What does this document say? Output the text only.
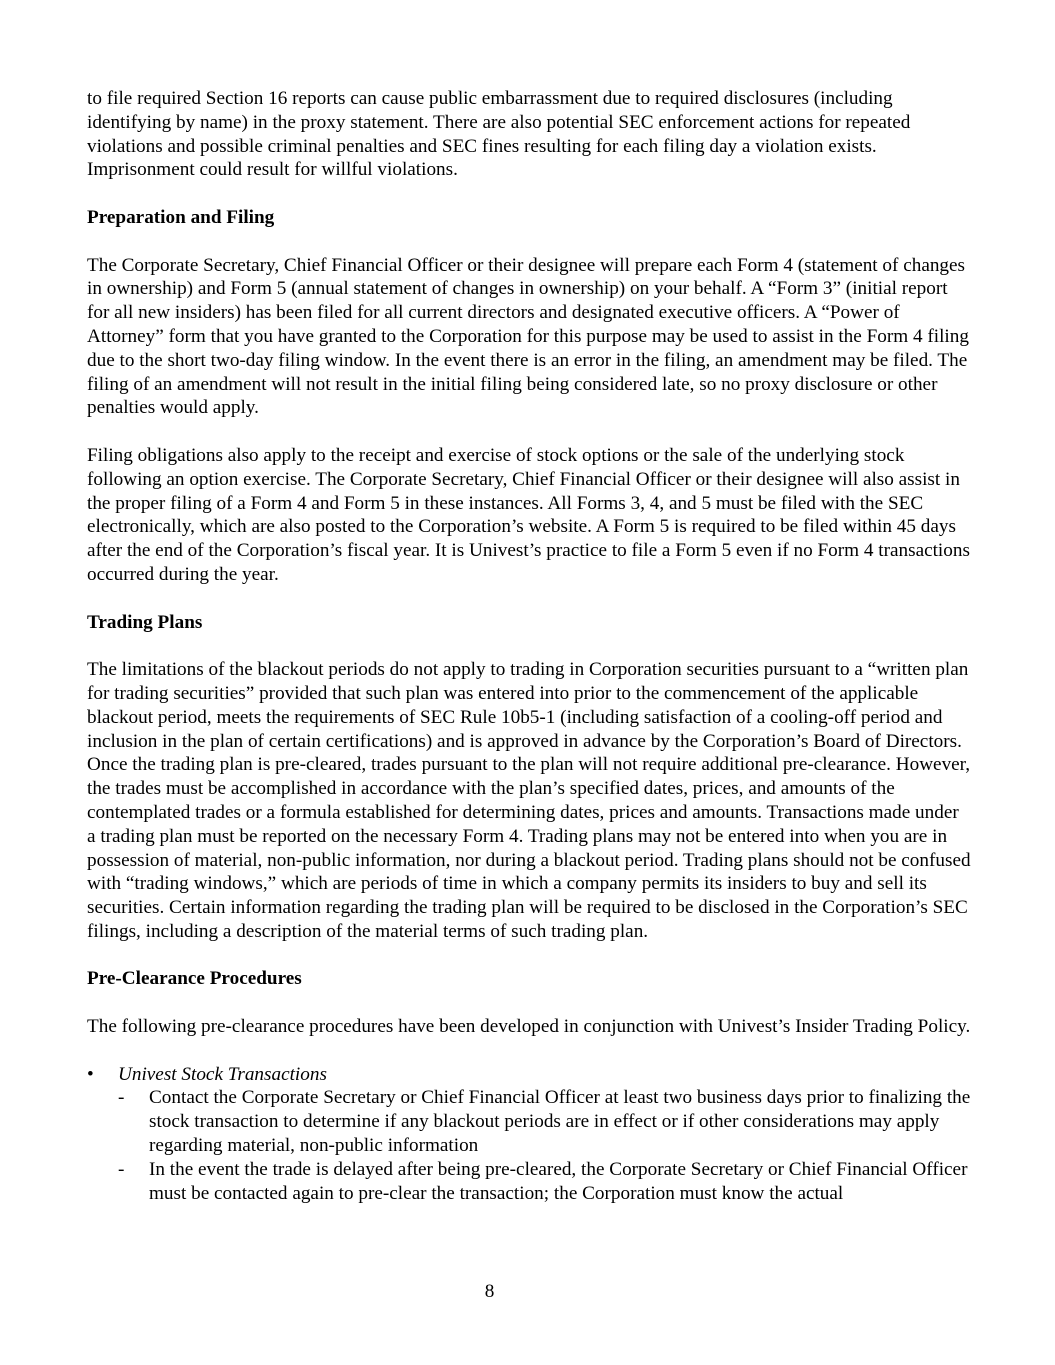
to file required Section 16 reports can cause public embarrassment due to required disclosures (including identifying by name) in the proxy statement. There are also potential SEC enforcement actions for repeated violations and possible criminal penalties and SEC fines resulting for each filing day a violation exists. Imprisonment could result for willful violations.

Preparation and Filing

The Corporate Secretary, Chief Financial Officer or their designee will prepare each Form 4 (statement of changes in ownership) and Form 5 (annual statement of changes in ownership) on your behalf. A “Form 3” (initial report for all new insiders) has been filed for all current directors and designated executive officers. A “Power of Attorney” form that you have granted to the Corporation for this purpose may be used to assist in the Form 4 filing due to the short two-day filing window. In the event there is an error in the filing, an amendment may be filed. The filing of an amendment will not result in the initial filing being considered late, so no proxy disclosure or other penalties would apply.

Filing obligations also apply to the receipt and exercise of stock options or the sale of the underlying stock following an option exercise. The Corporate Secretary, Chief Financial Officer or their designee will also assist in the proper filing of a Form 4 and Form 5 in these instances. All Forms 3, 4, and 5 must be filed with the SEC electronically, which are also posted to the Corporation’s website. A Form 5 is required to be filed within 45 days after the end of the Corporation’s fiscal year. It is Univest’s practice to file a Form 5 even if no Form 4 transactions occurred during the year.

Trading Plans

The limitations of the blackout periods do not apply to trading in Corporation securities pursuant to a “written plan for trading securities” provided that such plan was entered into prior to the commencement of the applicable blackout period, meets the requirements of SEC Rule 10b5-1 (including satisfaction of a cooling-off period and inclusion in the plan of certain certifications) and is approved in advance by the Corporation’s Board of Directors. Once the trading plan is pre-cleared, trades pursuant to the plan will not require additional pre-clearance. However, the trades must be accomplished in accordance with the plan’s specified dates, prices, and amounts of the contemplated trades or a formula established for determining dates, prices and amounts. Transactions made under a trading plan must be reported on the necessary Form 4. Trading plans may not be entered into when you are in possession of material, non-public information, nor during a blackout period. Trading plans should not be confused with “trading windows,” which are periods of time in which a company permits its insiders to buy and sell its securities. Certain information regarding the trading plan will be required to be disclosed in the Corporation’s SEC filings, including a description of the material terms of such trading plan.

Pre-Clearance Procedures

The following pre-clearance procedures have been developed in conjunction with Univest’s Insider Trading Policy.

• Univest Stock Transactions
- Contact the Corporate Secretary or Chief Financial Officer at least two business days prior to finalizing the stock transaction to determine if any blackout periods are in effect or if other considerations may apply regarding material, non-public information
- In the event the trade is delayed after being pre-cleared, the Corporate Secretary or Chief Financial Officer must be contacted again to pre-clear the transaction; the Corporation must know the actual
8
